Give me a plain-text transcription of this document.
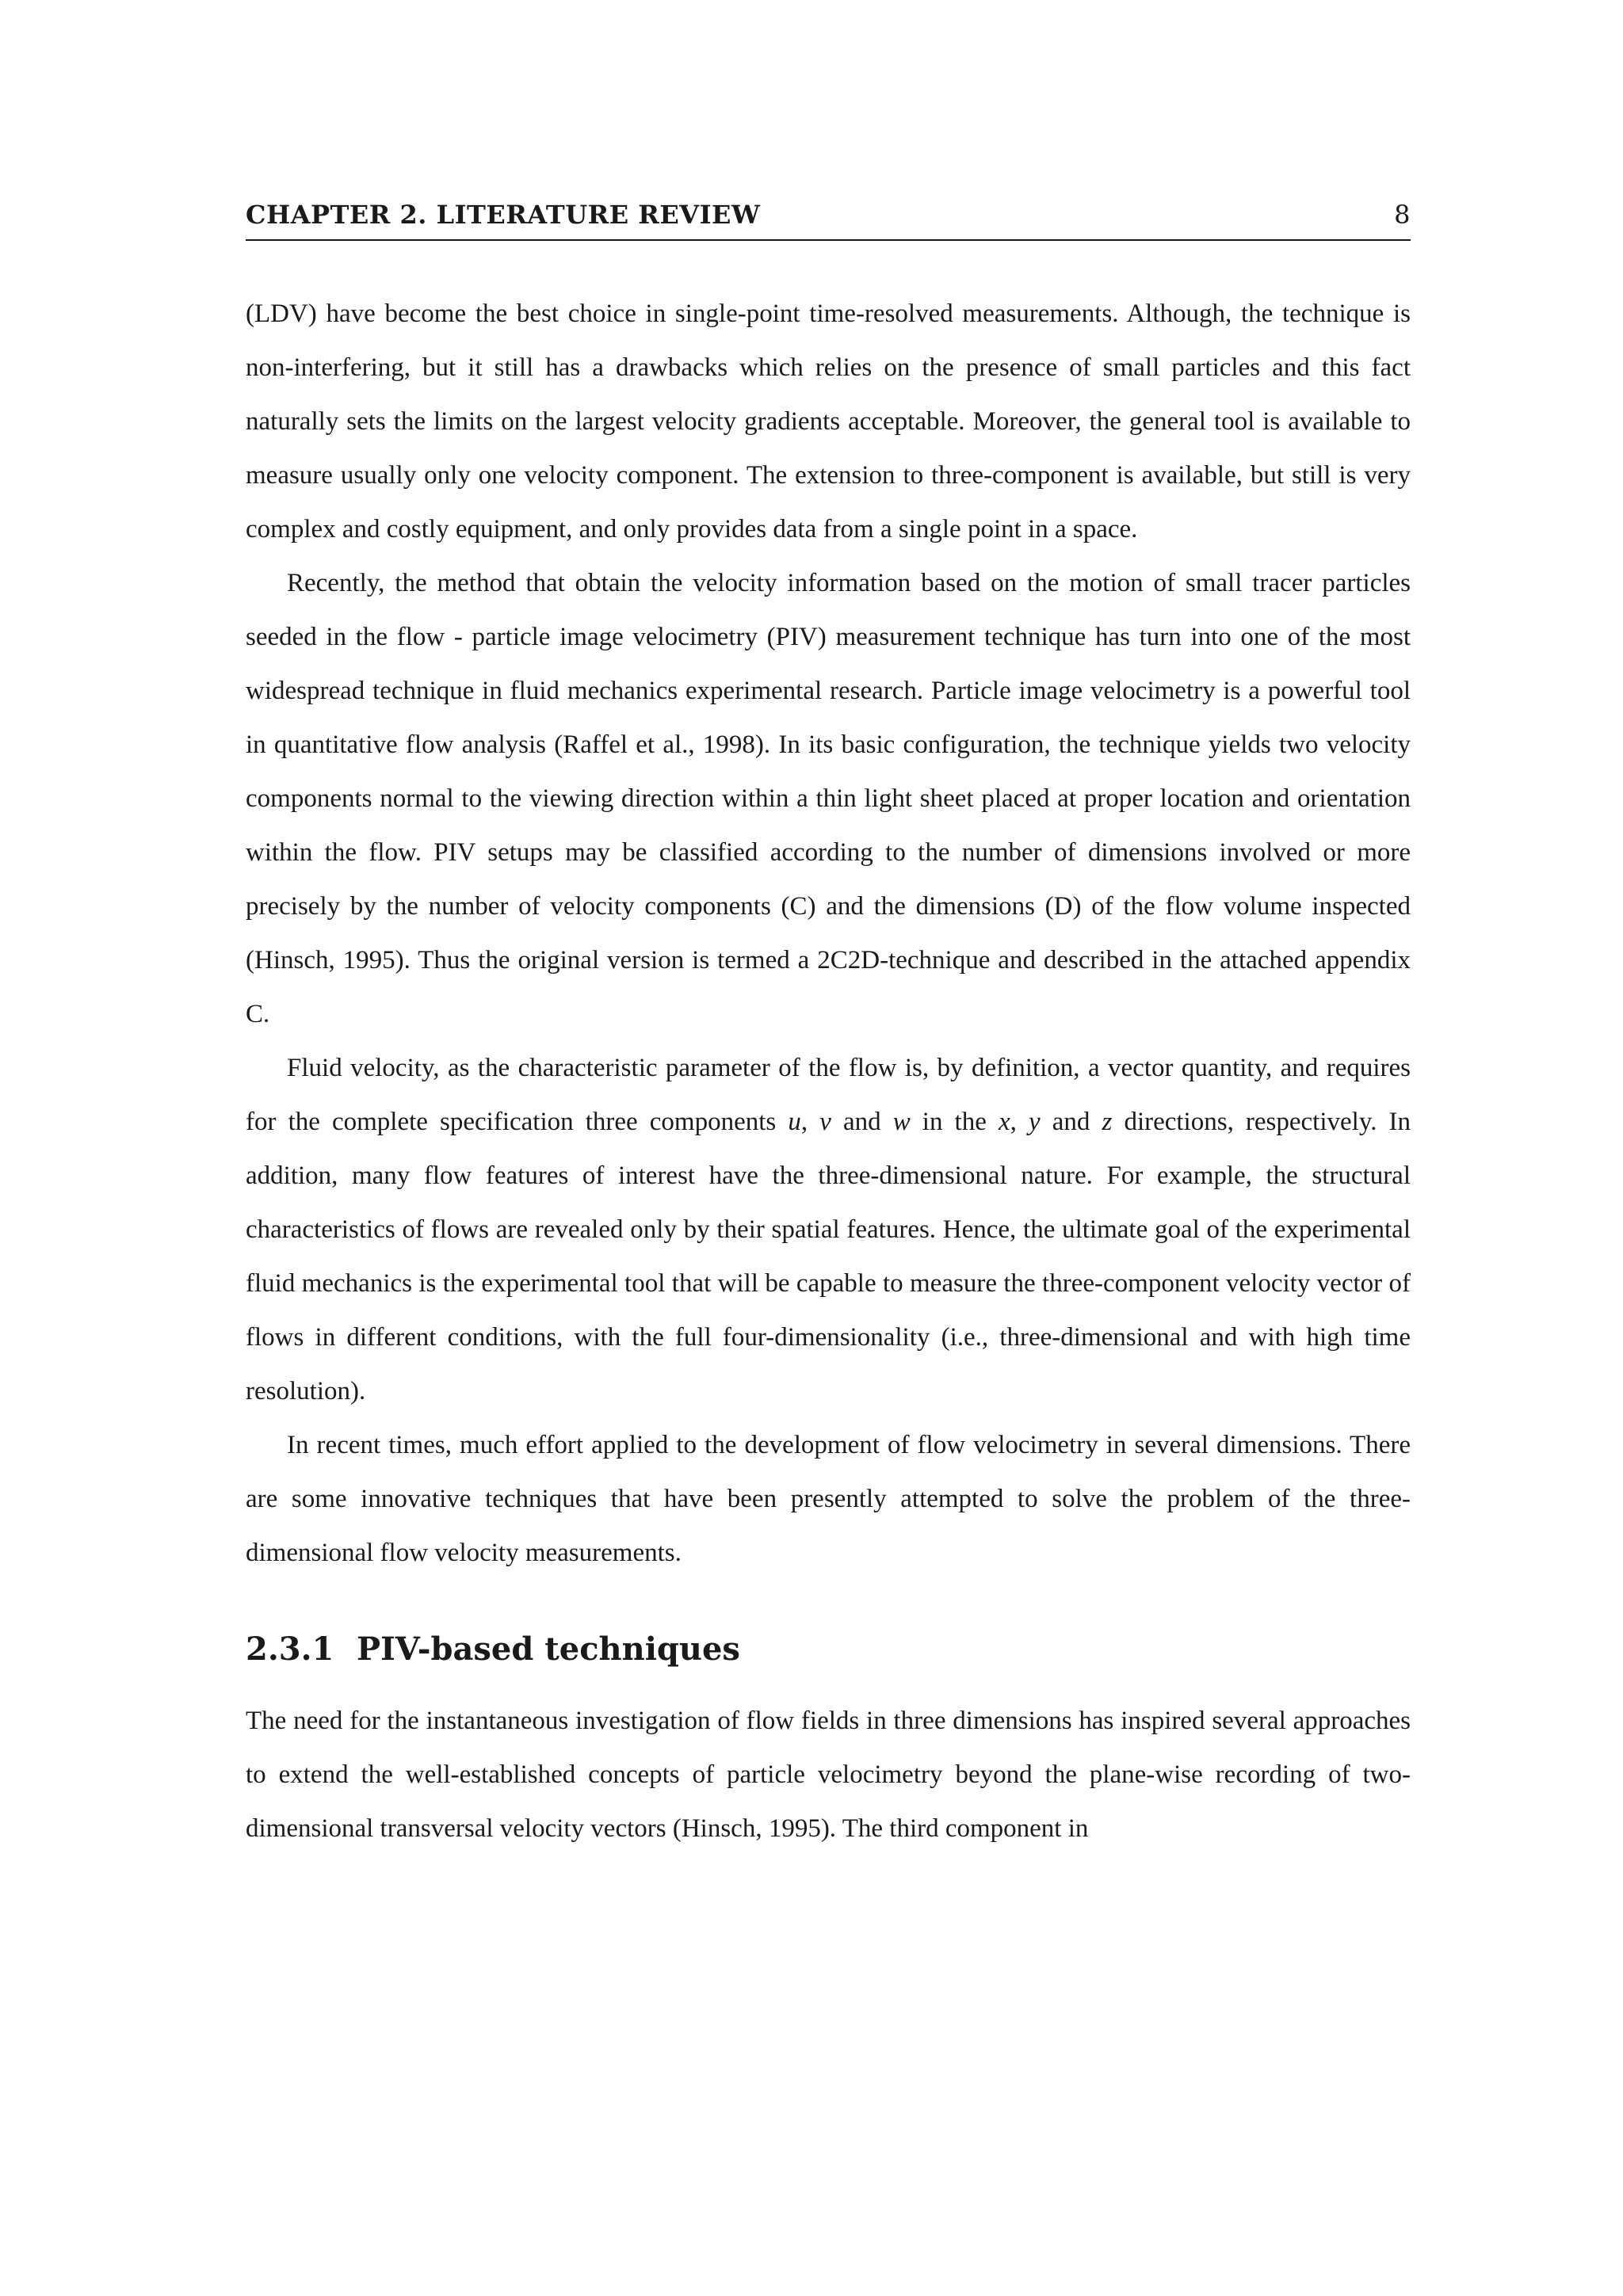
CHAPTER 2. LITERATURE REVIEW	8

(LDV) have become the best choice in single-point time-resolved measurements. Although, the technique is non-interfering, but it still has a drawbacks which relies on the presence of small particles and this fact naturally sets the limits on the largest velocity gradients acceptable. Moreover, the general tool is available to measure usually only one velocity component. The extension to three-component is available, but still is very complex and costly equipment, and only provides data from a single point in a space.

Recently, the method that obtain the velocity information based on the motion of small tracer particles seeded in the flow - particle image velocimetry (PIV) measurement technique has turn into one of the most widespread technique in fluid mechanics experimental research. Particle image velocimetry is a powerful tool in quantitative flow analysis (Raffel et al., 1998). In its basic configuration, the technique yields two velocity components normal to the viewing direction within a thin light sheet placed at proper location and orientation within the flow. PIV setups may be classified according to the number of dimensions involved or more precisely by the number of velocity components (C) and the dimensions (D) of the flow volume inspected (Hinsch, 1995). Thus the original version is termed a 2C2D-technique and described in the attached appendix C.

Fluid velocity, as the characteristic parameter of the flow is, by definition, a vector quantity, and requires for the complete specification three components u, v and w in the x, y and z directions, respectively. In addition, many flow features of interest have the three-dimensional nature. For example, the structural characteristics of flows are revealed only by their spatial features. Hence, the ultimate goal of the experimental fluid mechanics is the experimental tool that will be capable to measure the three-component velocity vector of flows in different conditions, with the full four-dimensionality (i.e., three-dimensional and with high time resolution).

In recent times, much effort applied to the development of flow velocimetry in several dimensions. There are some innovative techniques that have been presently attempted to solve the problem of the three-dimensional flow velocity measurements.

2.3.1 PIV-based techniques

The need for the instantaneous investigation of flow fields in three dimensions has inspired several approaches to extend the well-established concepts of particle velocimetry beyond the plane-wise recording of two-dimensional transversal velocity vectors (Hinsch, 1995). The third component in
